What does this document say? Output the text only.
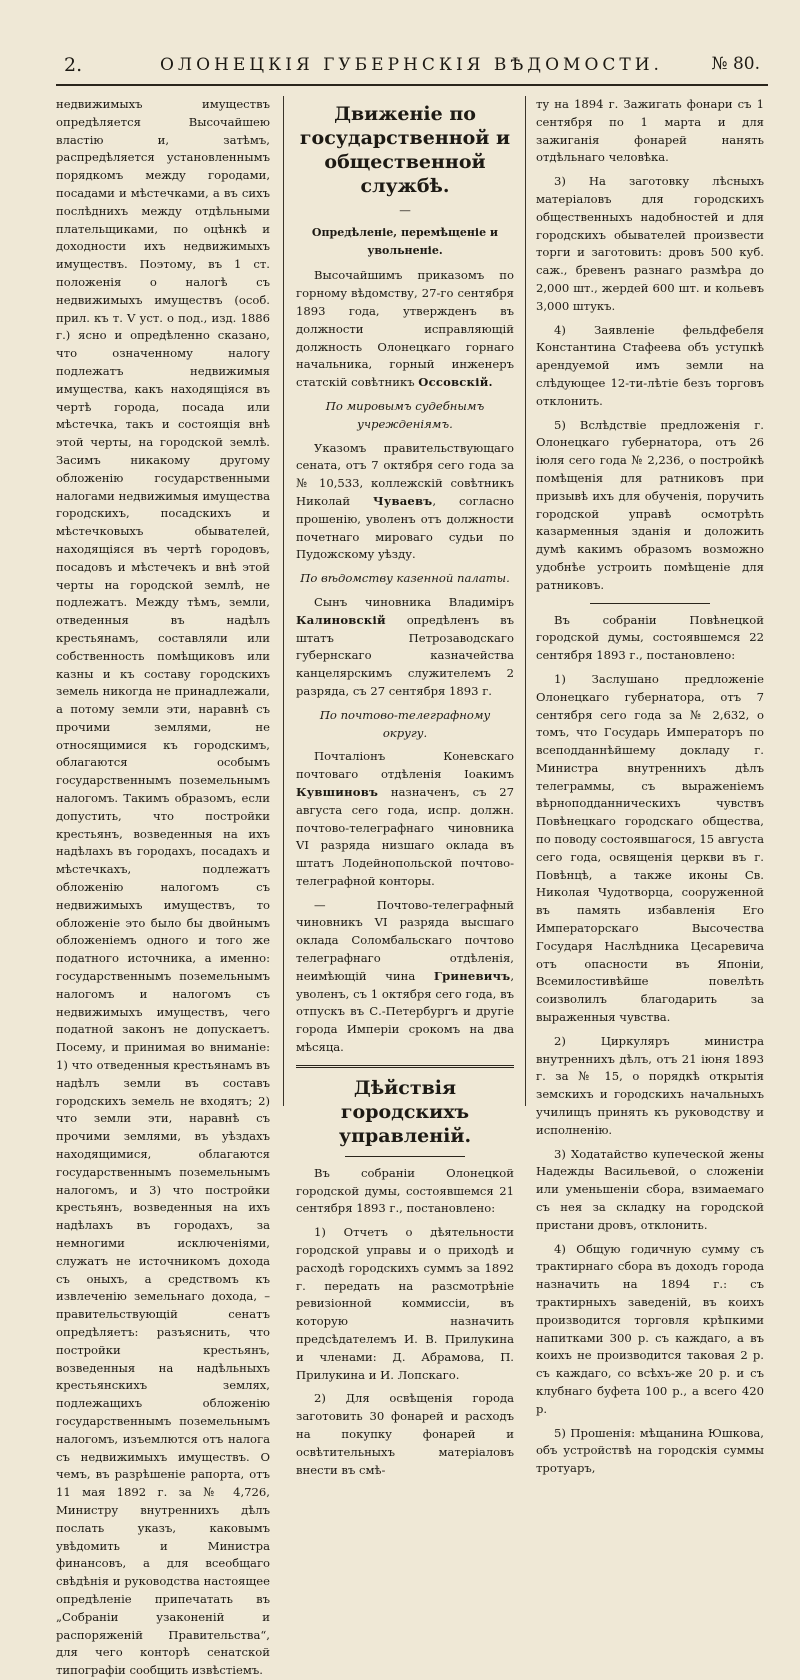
2.	ОЛОНЕЦКІЯ ГУБЕРНСКІЯ ВѢДОМОСТИ.	№ 80.

недвижимыхъ имуществъ опредѣляется Высочайшею властію и, затѣмъ, распредѣляется установленнымъ порядкомъ между городами, посадами и мѣстечками, а въ сихъ послѣднихъ между отдѣльными плательщиками, по оцѣнкѣ и доходности ихъ недвижимыхъ имуществъ. Поэтому, въ 1 ст. положенія о налогѣ съ недвижимыхъ имуществъ (особ. прил. къ т. V уст. о под., изд. 1886 г.) ясно и опредѣленно сказано, что означенному налогу подлежатъ недвижимыя имущества, какъ находящіяся въ чертѣ города, посада или мѣстечка, такъ и состоящія внѣ этой черты, на городской землѣ. Засимъ никакому другому обложенію государственными налогами недвижимыя имущества городскихъ, посадскихъ и мѣстечковыхъ обывателей, находящіяся въ чертѣ городовъ, посадовъ и мѣстечекъ и внѣ этой черты на городской землѣ, не подлежатъ. Между тѣмъ, земли, отведенныя въ надѣлъ крестьянамъ, составляли или собственность помѣщиковъ или казны и къ составу городскихъ земель никогда не принадлежали, а потому земли эти, наравнѣ съ прочими землями, не относящимися къ городскимъ, облагаются особымъ государственнымъ поземельнымъ налогомъ. Такимъ образомъ, если допустить, что постройки крестьянъ, возведенныя на ихъ надѣлахъ въ городахъ, посадахъ и мѣстечкахъ, подлежатъ обложенію налогомъ съ недвижимыхъ имуществъ, то обложеніе это было бы двойнымъ обложеніемъ одного и того же податного источника, а именно: государственнымъ поземельнымъ налогомъ и налогомъ съ недвижимыхъ имуществъ, чего податной законъ не допускаетъ. Посему, и принимая во вниманіе: 1) что отведенныя крестьянамъ въ надѣлъ земли въ составъ городскихъ земель не входятъ; 2) что земли эти, наравнѣ съ прочими землями, въ уѣздахъ находящимися, облагаются государственнымъ поземельнымъ налогомъ, и 3) что постройки крестьянъ, возведенныя на ихъ надѣлахъ въ городахъ, за немногими исключеніями, служатъ не источникомъ дохода съ оныхъ, а средствомъ къ извлеченію земельнаго дохода, – правительствующій сенатъ опредѣляетъ: разъяснить, что постройки крестьянъ, возведенныя на надѣльныхъ крестьянскихъ землях, подлежащихъ обложенію государственнымъ поземельнымъ налогомъ, изъемлются отъ налога съ недвижимыхъ имуществъ. О чемъ, въ разрѣшеніе рапорта, отъ 11 мая 1892 г. за № 4,726, Министру внутреннихъ дѣлъ послать указъ, каковымъ увѣдомить и Министра финансовъ, а для всеобщаго свѣдѣнія и руководства настоящее опредѣленіе припечатать въ „Собраніи узаконеній и распоряженій Правительства“, для чего конторѣ сенатской типографіи сообщить извѣстіемъ.

Движеніе по государственной и общественной службѣ.
—
Опредѣленіе, перемѣщеніе и увольненіе.

Высочайшимъ приказомъ по горному вѣдомству, 27-го сентября 1893 года, утвержденъ въ должности исправляющій должность Олонецкаго горнаго начальника, горный инженеръ статскій совѣтникъ Оссовскій.

По мировымъ судебнымъ учрежденіямъ.

Указомъ правительствующаго сената, отъ 7 октября сего года за № 10,533, коллежскій совѣтникъ Николай Чуваевъ, согласно прошенію, уволенъ отъ должности почетнаго мироваго судьи по Пудожскому уѣзду.

По вѣдомству казенной палаты.

Сынъ чиновника Владиміръ Калиновскій опредѣленъ въ штатъ Петрозаводскаго губернскаго казначейства канцелярскимъ служителемъ 2 разряда, съ 27 сентября 1893 г.

По почтово-телеграфному округу.

Почталіонъ Коневскаго почтоваго отдѣленія Іоакимъ Кувшиновъ назначенъ, съ 27 августа сего года, испр. должн. почтово-телеграфнаго чиновника VI разряда низшаго оклада въ штатъ Лодейнопольской почтово-телеграфной конторы.

— Почтово-телеграфный чиновникъ VI разряда высшаго оклада Соломбальскаго почтово телеграфнаго отдѣленія, неимѣющій чина Гриневичъ, уволенъ, съ 1 октября сего года, въ отпускъ въ С.-Петербургъ и другіе города Имперіи срокомъ на два мѣсяца.

Дѣйствія городскихъ управленій.

Въ собраніи Олонецкой городской думы, состоявшемся 21 сентября 1893 г., постановлено:

1) Отчетъ о дѣятельности городской управы и о приходѣ и расходѣ городскихъ суммъ за 1892 г. передать на разсмотрѣніе ревизіонной коммиссіи, въ которую назначить предсѣдателемъ И. В. Прилукина и членами: Д. Абрамова, П. Прилукина и И. Лопскаго.

2) Для освѣщенія города заготовить 30 фонарей и расходъ на покупку фонарей и освѣтительныхъ матеріаловъ внести въ смѣ-

ту на 1894 г. Зажигать фонари съ 1 сентября по 1 марта и для зажиганія фонарей нанять отдѣльнаго человѣка.

3) На заготовку лѣсныхъ матеріаловъ для городскихъ общественныхъ надобностей и для городскихъ обывателей произвести торги и заготовить: дровъ 500 куб. саж., бревенъ разнаго размѣра до 2,000 шт., жердей 600 шт. и кольевъ 3,000 штукъ.

4) Заявленіе фельдфебеля Константина Стафеева объ уступкѣ арендуемой имъ земли на слѣдующее 12-ти-лѣтіе безъ торговъ отклонить.

5) Вслѣдствіе предложенія г. Олонецкаго губернатора, отъ 26 іюля сего года № 2,236, о постройкѣ помѣщенія для ратниковъ при призывѣ ихъ для обученія, поручить городской управѣ осмотрѣть казарменныя зданія и доложить думѣ какимъ образомъ возможно удобнѣе устроить помѣщеніе для ратниковъ.

Въ собраніи Повѣнецкой городской думы, состоявшемся 22 сентября 1893 г., постановлено:

1) Заслушано предложеніе Олонецкаго губернатора, отъ 7 сентября сего года за № 2,632, о томъ, что Государь Императоръ по всеподданнѣйшему докладу г. Министра внутреннихъ дѣлъ телеграммы, съ выраженіемъ вѣрноподданническихъ чувствъ Повѣнецкаго городскаго общества, по поводу состоявшагося, 15 августа сего года, освященія церкви въ г. Повѣнцѣ, а также иконы Св. Николая Чудотворца, сооруженной въ память избавленія Его Императорскаго Высочества Государя Наслѣдника Цесаревича отъ опасности въ Японіи, Всемилостивѣйше повелѣть соизволилъ благодарить за выраженныя чувства.

2) Циркуляръ министра внутреннихъ дѣлъ, отъ 21 іюня 1893 г. за № 15, о порядкѣ открытія земскихъ и городскихъ начальныхъ училищъ принять къ руководству и исполненію.

3) Ходатайство купеческой жены Надежды Васильевой, о сложеніи или уменьшеніи сбора, взимаемаго съ нея за складку на городской пристани дровъ, отклонить.

4) Общую годичную сумму съ трактирнаго сбора въ доходъ города назначить на 1894 г.: съ трактирныхъ заведеній, въ коихъ производится торговля крѣпкими напитками 300 р. съ каждаго, а въ коихъ не производится таковая 2 р. съ каждаго, со всѣхъ-же 20 р. и съ клубнаго буфета 100 р., а всего 420 р.

5) Прошенія: мѣщанина Юшкова, объ устройствѣ на городскія суммы тротуаръ,
